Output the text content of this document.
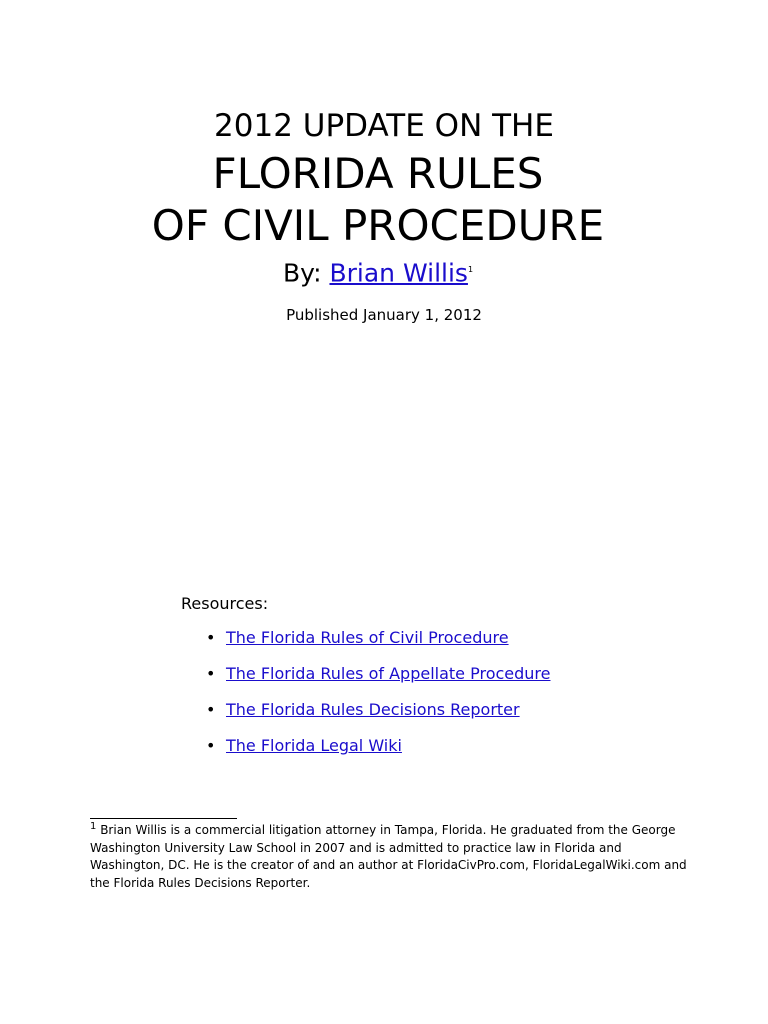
2012 UPDATE ON THE
FLORIDA RULES
OF CIVIL PROCEDURE
By: Brian Willis$^1$
Published January 1, 2012
Resources:
• The Florida Rules of Civil Procedure
• The Florida Rules of Appellate Procedure
• The Florida Rules Decisions Reporter
• The Florida Legal Wiki
$^1$ Brian Willis is a commercial litigation attorney in Tampa, Florida. He graduated from the George Washington University Law School in 2007 and is admitted to practice law in Florida and Washington, DC. He is the creator of and an author at FloridaCivPro.com, FloridaLegalWiki.com and the Florida Rules Decisions Reporter.
